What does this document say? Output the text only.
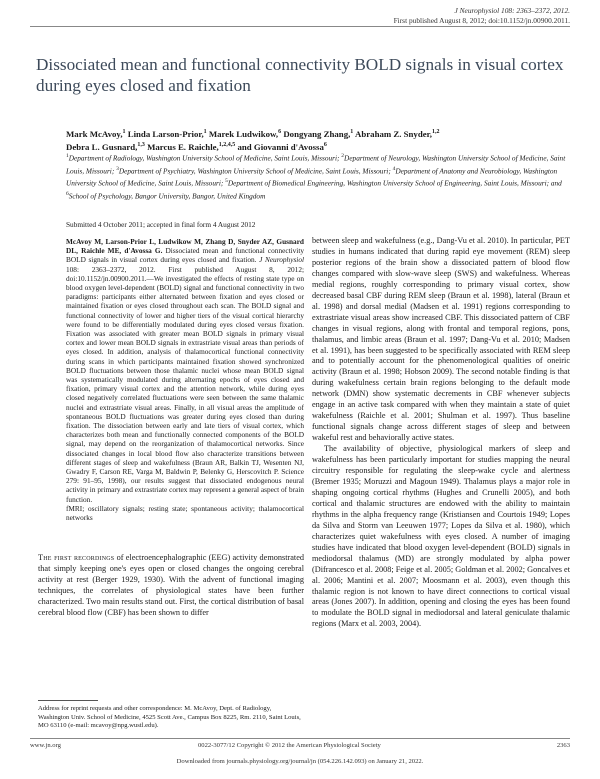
J Neurophysiol 108: 2363–2372, 2012.
First published August 8, 2012; doi:10.1152/jn.00900.2011.
Dissociated mean and functional connectivity BOLD signals in visual cortex during eyes closed and fixation
Mark McAvoy,$^1$ Linda Larson-Prior,$^1$ Marek Ludwikow,$^6$ Dongyang Zhang,$^1$ Abraham Z. Snyder,$^{1,2}$
Debra L. Gusnard,$^{1,3}$ Marcus E. Raichle,$^{1,2,4,5}$ and Giovanni d'Avossa$^6$
$^1$Department of Radiology, Washington University School of Medicine, Saint Louis, Missouri; $^2$Department of Neurology, Washington University School of Medicine, Saint Louis, Missouri; $^3$Department of Psychiatry, Washington University School of Medicine, Saint Louis, Missouri; $^4$Department of Anatomy and Neurobiology, Washington University School of Medicine, Saint Louis, Missouri; $^5$Department of Biomedical Engineering, Washington University School of Engineering, Saint Louis, Missouri; and $^6$School of Psychology, Bangor University, Bangor, United Kingdom
Submitted 4 October 2011; accepted in final form 4 August 2012

McAvoy M, Larson-Prior L, Ludwikow M, Zhang D, Snyder AZ, Gusnard DL, Raichle ME, d'Avossa G. Dissociated mean and functional connectivity BOLD signals in visual cortex during eyes closed and fixation. J Neurophysiol 108: 2363–2372, 2012. First published August 8, 2012; doi:10.1152/jn.00900.2011.—We investigated the effects of resting state type on blood oxygen level-dependent (BOLD) signal and functional connectivity in two paradigms: participants either alternated between fixation and eyes closed or maintained fixation or eyes closed throughout each scan. The BOLD signal and functional connectivity of lower and higher tiers of the visual cortical hierarchy were found to be differentially modulated during eyes closed versus fixation. Fixation was associated with greater mean BOLD signals in primary visual cortex and lower mean BOLD signals in extrastriate visual areas than periods of eyes closed. In addition, analysis of thalamocortical functional connectivity during scans in which participants maintained fixation showed synchronized BOLD fluctuations between those thalamic nuclei whose mean BOLD signal was systematically modulated during alternating epochs of eyes closed and fixation, primary visual cortex and the attention network, while during eyes closed negatively correlated fluctuations were seen between the same thalamic nuclei and extrastriate visual areas. Finally, in all visual areas the amplitude of spontaneous BOLD fluctuations was greater during eyes closed than during fixation. The dissociation between early and late tiers of visual cortex, which characterizes both mean and functionally connected components of the BOLD signal, may depend on the reorganization of thalamocortical networks. Since dissociated changes in local blood flow also characterize transitions between different stages of sleep and wakefulness (Braun AR, Balkin TJ, Wesenten NJ, Gwadry F, Carson RE, Varga M, Baldwin P, Belenky G, Herscovitch P. Science 279: 91–95, 1998), our results suggest that dissociated endogenous neural activity in primary and extrastriate cortex may represent a general aspect of brain function.

fMRI; oscillatory signals; resting state; spontaneous activity; thalamocortical networks

The first recordings of electroencephalographic (EEG) activity demonstrated that simply keeping one's eyes open or closed changes the ongoing cerebral activity at rest (Berger 1929, 1930). With the advent of functional imaging techniques, the correlates of physiological states have been further characterized. Two main results stand out. First, the cortical distribution of basal cerebral blood flow (CBF) has been shown to differ

between sleep and wakefulness (e.g., Dang-Vu et al. 2010). In particular, PET studies in humans indicated that during rapid eye movement (REM) sleep posterior regions of the brain show a dissociated pattern of blood flow changes compared with slow-wave sleep (SWS) and wakefulness. Whereas medial regions, roughly corresponding to primary visual cortex, show decreased basal CBF during REM sleep (Braun et al. 1998), lateral (Braun et al. 1998) and dorsal medial (Madsen et al. 1991) regions corresponding to extrastriate visual areas show increased CBF. This dissociated pattern of CBF changes in visual regions, along with frontal and temporal regions, pons, thalamus, and limbic areas (Braun et al. 1997; Dang-Vu et al. 2010; Madsen et al. 1991), has been suggested to be specifically associated with REM sleep and to potentially account for the phenomenological qualities of oneiric activity (Braun et al. 1998; Hobson 2009). The second notable finding is that during wakefulness certain brain regions belonging to the default mode network (DMN) show systematic decrements in CBF whenever subjects engage in an active task compared with when they maintain a state of quiet wakefulness (Raichle et al. 2001; Shulman et al. 1997). Thus baseline functional signals change across different stages of sleep and between wakeful rest and behaviorally active states.

The availability of objective, physiological markers of sleep and wakefulness has been particularly important for studies mapping the neural circuitry responsible for regulating the sleep-wake cycle and alertness (Bremer 1935; Moruzzi and Magoun 1949). Thalamus plays a major role in shaping ongoing cortical rhythms (Hughes and Crunelli 2005), and both cortical and thalamic structures are endowed with the ability to maintain rhythms in the alpha frequency range (Kristiansen and Courtois 1949; Lopes da Silva and Storm van Leeuwen 1977; Lopes da Silva et al. 1980), which characterizes quiet wakefulness with eyes closed. A number of imaging studies have indicated that blood oxygen level-dependent (BOLD) signals in mediodorsal thalamus (MD) are strongly modulated by alpha power (Difrancesco et al. 2008; Feige et al. 2005; Goldman et al. 2002; Goncalves et al. 2006; Mantini et al. 2007; Moosmann et al. 2003), even though this thalamic region is not known to have direct connections to cortical visual areas (Jones 2007). In addition, opening and closing the eyes has been found to modulate the BOLD signal in mediodorsal and lateral geniculate thalamic regions (Marx et al. 2003, 2004).

Address for reprint requests and other correspondence: M. McAvoy, Dept. of Radiology, Washington Univ. School of Medicine, 4525 Scott Ave., Campus Box 8225, Rm. 2110, Saint Louis, MO 63110 (e-mail: mcavoy@npg.wustl.edu).
www.jn.org	0022-3077/12 Copyright © 2012 the American Physiological Society	2363
Downloaded from journals.physiology.org/journal/jn (054.226.142.093) on January 21, 2022.
